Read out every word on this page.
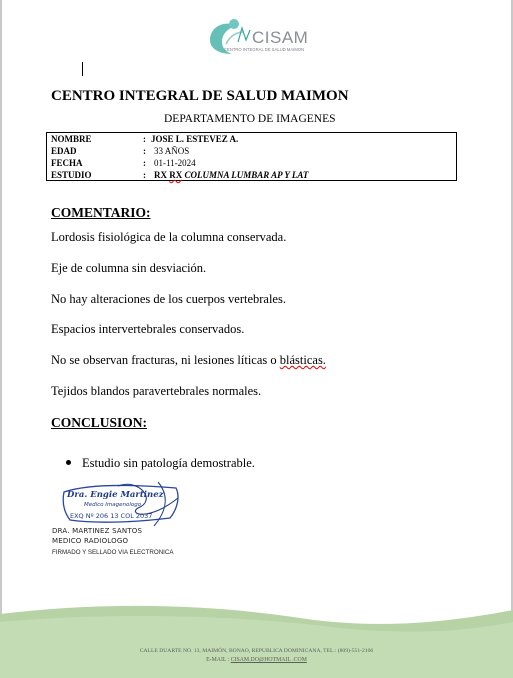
CISAM
CENTRO INTEGRAL DE SALUD MAIMON
CENTRO INTEGRAL DE SALUD MAIMON
DEPARTAMENTO DE IMAGENES
NOMBRE	: JOSE L. ESTEVEZ A.
EDAD	: 33 AÑOS
FECHA	: 01-11-2024
ESTUDIO	: RX RX COLUMNA LUMBAR AP Y LAT
COMENTARIO:
Lordosis fisiológica de la columna conservada.
Eje de columna sin desviación.
No hay alteraciones de los cuerpos vertebrales.
Espacios intervertebrales conservados.
No se observan fracturas, ni lesiones líticas o blásticas.
Tejidos blandos paravertebrales normales.
CONCLUSION:
Estudio sin patología demostrable.
Dra. Engie Martinez
Medico Imagenologo
EXQ Nº 206 13 COL 2037
DRA. MARTINEZ SANTOS
MEDICO RADIOLOGO
FIRMADO Y SELLADO VIA ELECTRONICA
CALLE DUARTE NO. 13, MAIMÓN, BONAO, REPUBLICA DOMINICANA, TEL.: (809)-551-2106
E-MAIL : CISAM.DO@HOTMAIL .COM
